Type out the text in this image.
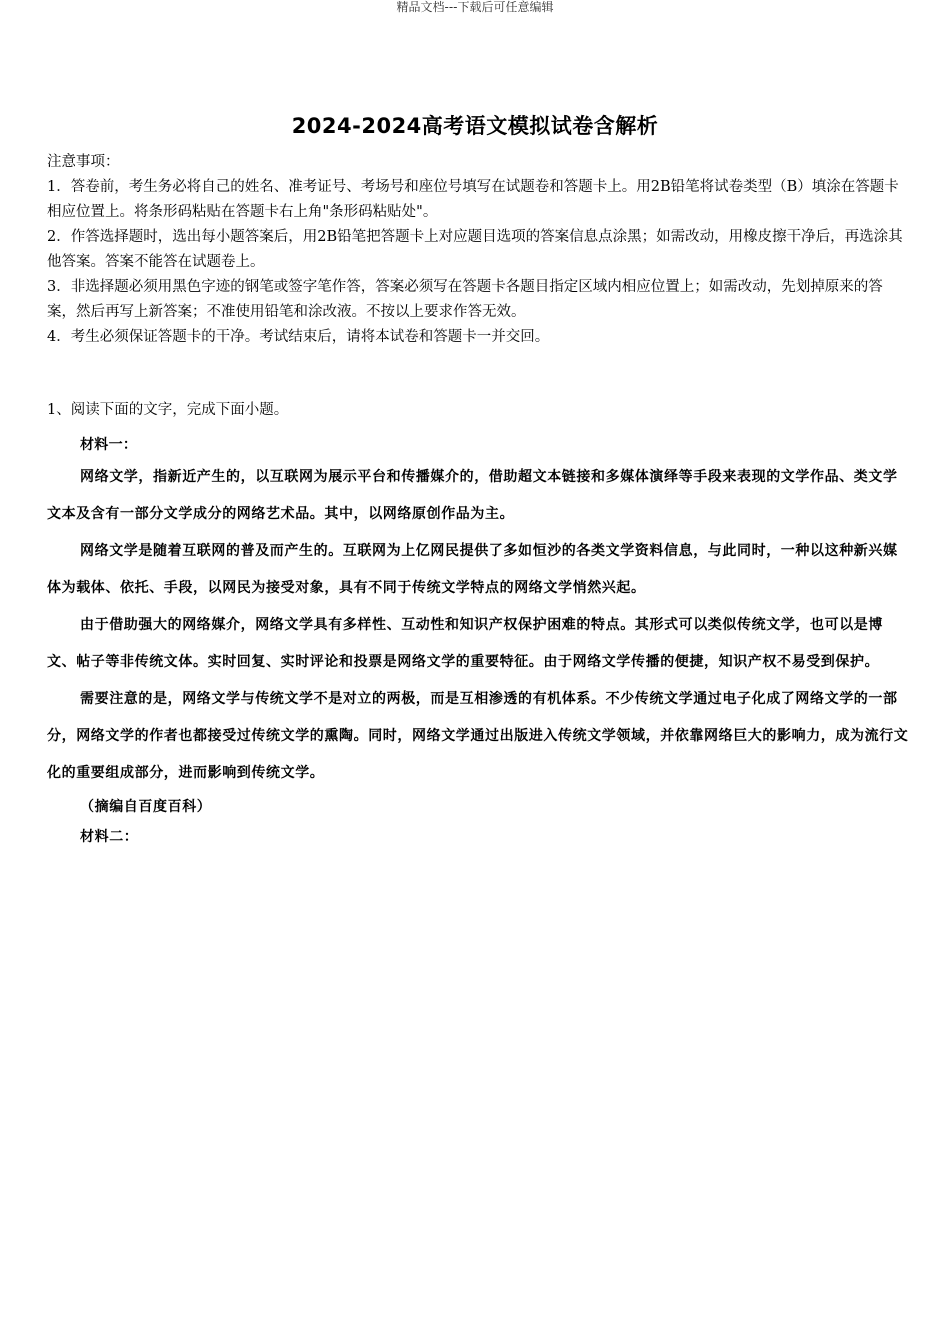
精品文档---下载后可任意编辑
2024-2024高考语文模拟试卷含解析

注意事项：

1．答卷前，考生务必将自己的姓名、准考证号、考场号和座位号填写在试题卷和答题卡上。用2B铅笔将试卷类型（B）填涂在答题卡相应位置上。将条形码粘贴在答题卡右上角"条形码粘贴处"。

2．作答选择题时，选出每小题答案后，用2B铅笔把答题卡上对应题目选项的答案信息点涂黑；如需改动，用橡皮擦干净后，再选涂其他答案。答案不能答在试题卷上。

3．非选择题必须用黑色字迹的钢笔或签字笔作答，答案必须写在答题卡各题目指定区域内相应位置上；如需改动，先划掉原来的答案，然后再写上新答案；不准使用铅笔和涂改液。不按以上要求作答无效。

4．考生必须保证答题卡的干净。考试结束后，请将本试卷和答题卡一并交回。

1、阅读下面的文字，完成下面小题。
材料一：

网络文学，指新近产生的，以互联网为展示平台和传播媒介的，借助超文本链接和多媒体演绎等手段来表现的文学作品、类文学文本及含有一部分文学成分的网络艺术品。其中，以网络原创作品为主。

网络文学是随着互联网的普及而产生的。互联网为上亿网民提供了多如恒沙的各类文学资料信息，与此同时，一种以这种新兴媒体为载体、依托、手段，以网民为接受对象，具有不同于传统文学特点的网络文学悄然兴起。

由于借助强大的网络媒介，网络文学具有多样性、互动性和知识产权保护困难的特点。其形式可以类似传统文学，也可以是博文、帖子等非传统文体。实时回复、实时评论和投票是网络文学的重要特征。由于网络文学传播的便捷，知识产权不易受到保护。

需要注意的是，网络文学与传统文学不是对立的两极，而是互相渗透的有机体系。不少传统文学通过电子化成了网络文学的一部分，网络文学的作者也都接受过传统文学的熏陶。同时，网络文学通过出版进入传统文学领域，并依靠网络巨大的影响力，成为流行文化的重要组成部分，进而影响到传统文学。

（摘编自百度百科）

材料二：
